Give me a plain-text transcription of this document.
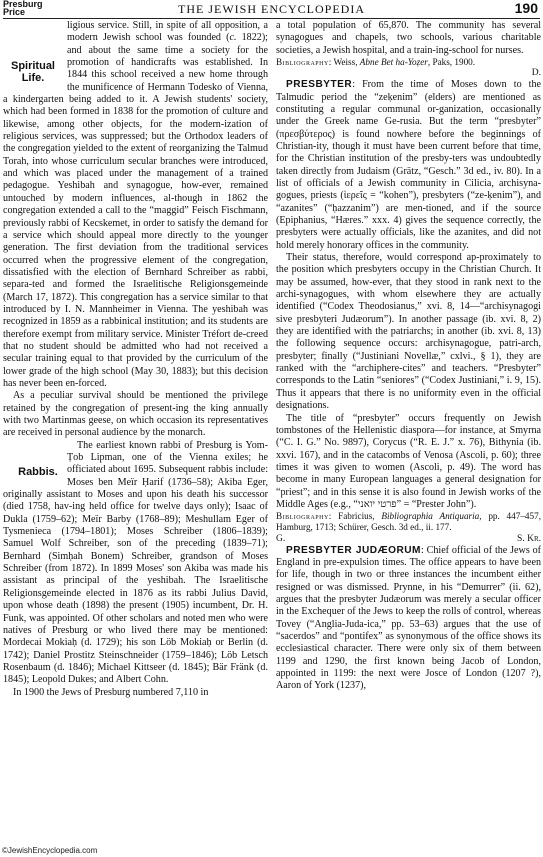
Presburg
Price	THE JEWISH ENCYCLOPEDIA	190

Spiritual
Life.
ligious service. Still, in spite of all opposition, a modern Jewish school was founded (c. 1822); and about the same time a society for the promotion of handicrafts was established. In 1844 this school received a new home through the munificence of Hermann Todesko of Vienna, a kindergarten being added to it. A Jewish students' society, which had been formed in 1838 for the promotion of culture and likewise, among other objects, for the modern-ization of religious services, was suppressed; but the Orthodox leaders of the congregation yielded to the extent of reorganizing the Talmud Torah, into whose curriculum secular branches were introduced, and which was placed under the management of a trained pedagogue. Yeshibah and synagogue, how-ever, remained untouched by modern influences, al-though in 1862 the congregation extended a call to the “maggid” Feisch Fischmann, previously rabbi of Kecskemet, in order to satisfy the demand for a service which should appeal more directly to the younger generation. The first deviation from the traditional services occurred when the progressive element of the congregation, dissatisfied with the election of Bernhard Schreiber as rabbi, separa-ted and formed the Israelitische Religionsgemeinde (March 17, 1872). This congregation has a service similar to that introduced by I. N. Mannheimer in Vienna. The yeshibah was recognized in 1859 as a rabbinical institution; and its students are therefore exempt from military service. Minister Tréfort de-creed that no student should be admitted who had not received a secular training equal to that provided by the curriculum of the lower grade of the high school (May 30, 1883); but this decision has never been en-forced.

As a peculiar survival should be mentioned the privilege retained by the congregation of present-ing the king annually with two Martinmas geese, on which occasion its representatives are received in personal audience by the monarch.

Rabbis.
The earliest known rabbi of Presburg is Yom-Ṭob Lipman, one of the Vienna exiles; he officiated about 1695. Subsequent rabbis include: Moses ben Meïr Ḥarif (1736–58); Akiba Eger, originally assistant to Moses and upon his death his successor (died 1758, hav-ing held office for twelve days only); Isaac of Dukla (1759–62); Meïr Barby (1768–89); Meshullam Eger of Tysmenieca (1794–1801); Moses Schreiber (1806–1839); Samuel Wolf Schreiber, son of the preceding (1839–71); Bernhard (Simḥah Bonem) Schreiber, grandson of Moses Schreiber (from 1872). In 1899 Moses' son Akiba was made his assistant as principal of the yeshibah. The Israelitische Religionsgemeinde elected in 1876 as its rabbi Julius David, upon whose death (1898) the present (1905) incumbent, Dr. H. Funk, was appointed. Of other scholars and noted men who were natives of Presburg or who lived there may be mentioned: Mordecai Mokiaḥ (d. 1729); his son Löb Mokiaḥ or Berlin (d. 1742); Daniel Prostitz Steinschneider (1759–1846); Löb Letsch Rosenbaum (d. 1846); Michael Kittseer (d. 1845); Bär Fränk (d. 1845); Leopold Dukes; and Albert Cohn.

In 1900 the Jews of Presburg numbered 7,110 in

a total population of 65,870. The community has several synagogues and chapels, two schools, various charitable societies, a Jewish hospital, and a train-ing-school for nurses.

Bibliography: Weiss, Abne Bet ha-Yoẓer, Paks, 1900.

D.

PRESBYTER: From the time of Moses down to the Talmudic period the “zeḳenim” (elders) are mentioned as constituting a regular communal or-ganization, occasionally under the Greek name Ge-rusia. But the term “presbyter” (πρεσβύτερος) is found nowhere before the beginnings of Christian-ity, though it must have been current before that time, for the Christian institution of the presby-ters was undoubtedly taken directly from Judaism (Grätz, “Gesch.” 3d ed., iv. 80). In a list of officials of a Jewish community in Cilicia, archisyna-gogues, priests (ἱερεῖς = “kohen”), presbyters (“ze-ḳenim”), and “azanites” (“ḥazzanim”) are men-tioned, and if the source (Epiphanius, “Hæres.” xxx. 4) gives the sequence correctly, the presbyters were actually officials, like the azanites, and did not hold merely honorary offices in the community.

Their status, therefore, would correspond ap-proximately to the position which presbyters occupy in the Christian Church. It may be assumed, how-ever, that they stood in rank next to the archi-synagogues, with whom elsewhere they are actually identified (“Codex Theodosianus,” xvi. 8, 14—“archisynagogi sive presbyteri Judæorum”). In another passage (ib. xvi. 8, 2) they are identified with the patriarchs; in another (ib. xvi. 8, 13) the following sequence occurs: archisynagogue, patri-arch, presbyter; finally (“Justiniani Novellæ,” cxlvi., § 1), they are ranked with the “archiphere-cites” and teachers. “Presbyter” corresponds to the Latin “seniores” (“Codex Justiniani,” i. 9, 15). Thus it appears that there is no uniformity even in the official designations.

The title of “presbyter” occurs frequently on Jewish tombstones of the Hellenistic diaspora—for instance, at Smyrna (“C. I. G.” No. 9897), Corycus (“R. E. J.” x. 76), Bithynia (ib. xxvi. 167), and in the catacombs of Venosa (Ascoli, p. 60); three times it was given to women (Ascoli, p. 49). The word has become in many European languages a general designation for “priest”; and in this sense it is also found in Jewish works of the Middle Ages (e.g., “פרטי יואני” = “Prester John”).

Bibliography: Fabricius, Bibliographia Antiquaria, pp. 447–457, Hamburg, 1713; Schürer, Gesch. 3d ed., ii. 177.

G.	S. Kr.

PRESBYTER JUDÆORUM: Chief official of the Jews of England in pre-expulsion times. The office appears to have been for life, though in two or three instances the incumbent either resigned or was dismissed. Prynne, in his “Demurrer” (ii. 62), argues that the presbyter Judæorum was merely a secular officer in the Exchequer of the Jews to keep the rolls of control, whereas Tovey (“Anglia-Juda-ica,” pp. 53–63) argues that the use of “sacerdos” and “pontifex” as synonymous of the office shows its ecclesiastical character. There were only six of them between 1199 and 1290, the first known being Jacob of London, appointed in 1199: the next were Josce of London (1207 ?), Aaron of York (1237),

©JewishEncyclopedia.com
